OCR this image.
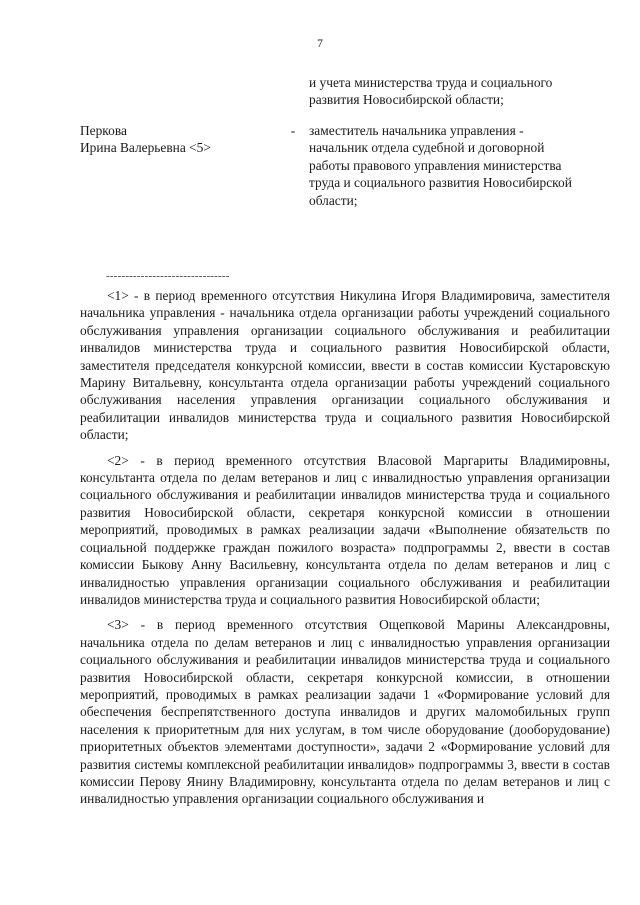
7
и учета министерства труда и социального
развития Новосибирской области;
Перкова
Ирина Валерьевна <5>
- заместитель начальника управления -
начальник отдела судебной и договорной
работы правового управления министерства
труда и социального развития Новосибирской
области;
--------------------------------

<1> - в период временного отсутствия Никулина Игоря Владимировича, заместителя начальника управления - начальника отдела организации работы учреждений социального обслуживания управления организации социального обслуживания и реабилитации инвалидов министерства труда и социального развития Новосибирской области, заместителя председателя конкурсной комиссии, ввести в состав комиссии Кустаровскую Марину Витальевну, консультанта отдела организации работы учреждений социального обслуживания населения управления организации социального обслуживания и реабилитации инвалидов министерства труда и социального развития Новосибирской области;

<2> - в период временного отсутствия Власовой Маргариты Владимировны, консультанта отдела по делам ветеранов и лиц с инвалидностью управления организации социального обслуживания и реабилитации инвалидов министерства труда и социального развития Новосибирской области, секретаря конкурсной комиссии в отношении мероприятий, проводимых в рамках реализации задачи «Выполнение обязательств по социальной поддержке граждан пожилого возраста» подпрограммы 2, ввести в состав комиссии Быкову Анну Васильевну, консультанта отдела по делам ветеранов и лиц с инвалидностью управления организации социального обслуживания и реабилитации инвалидов министерства труда и социального развития Новосибирской области;

<3> - в период временного отсутствия Ощепковой Марины Александровны, начальника отдела по делам ветеранов и лиц с инвалидностью управления организации социального обслуживания и реабилитации инвалидов министерства труда и социального развития Новосибирской области, секретаря конкурсной комиссии, в отношении мероприятий, проводимых в рамках реализации задачи 1 «Формирование условий для обеспечения беспрепятственного доступа инвалидов и других маломобильных групп населения к приоритетным для них услугам, в том числе оборудование (дооборудование) приоритетных объектов элементами доступности», задачи 2 «Формирование условий для развития системы комплексной реабилитации инвалидов» подпрограммы 3, ввести в состав комиссии Перову Янину Владимировну, консультанта отдела по делам ветеранов и лиц с инвалидностью управления организации социального обслуживания и
